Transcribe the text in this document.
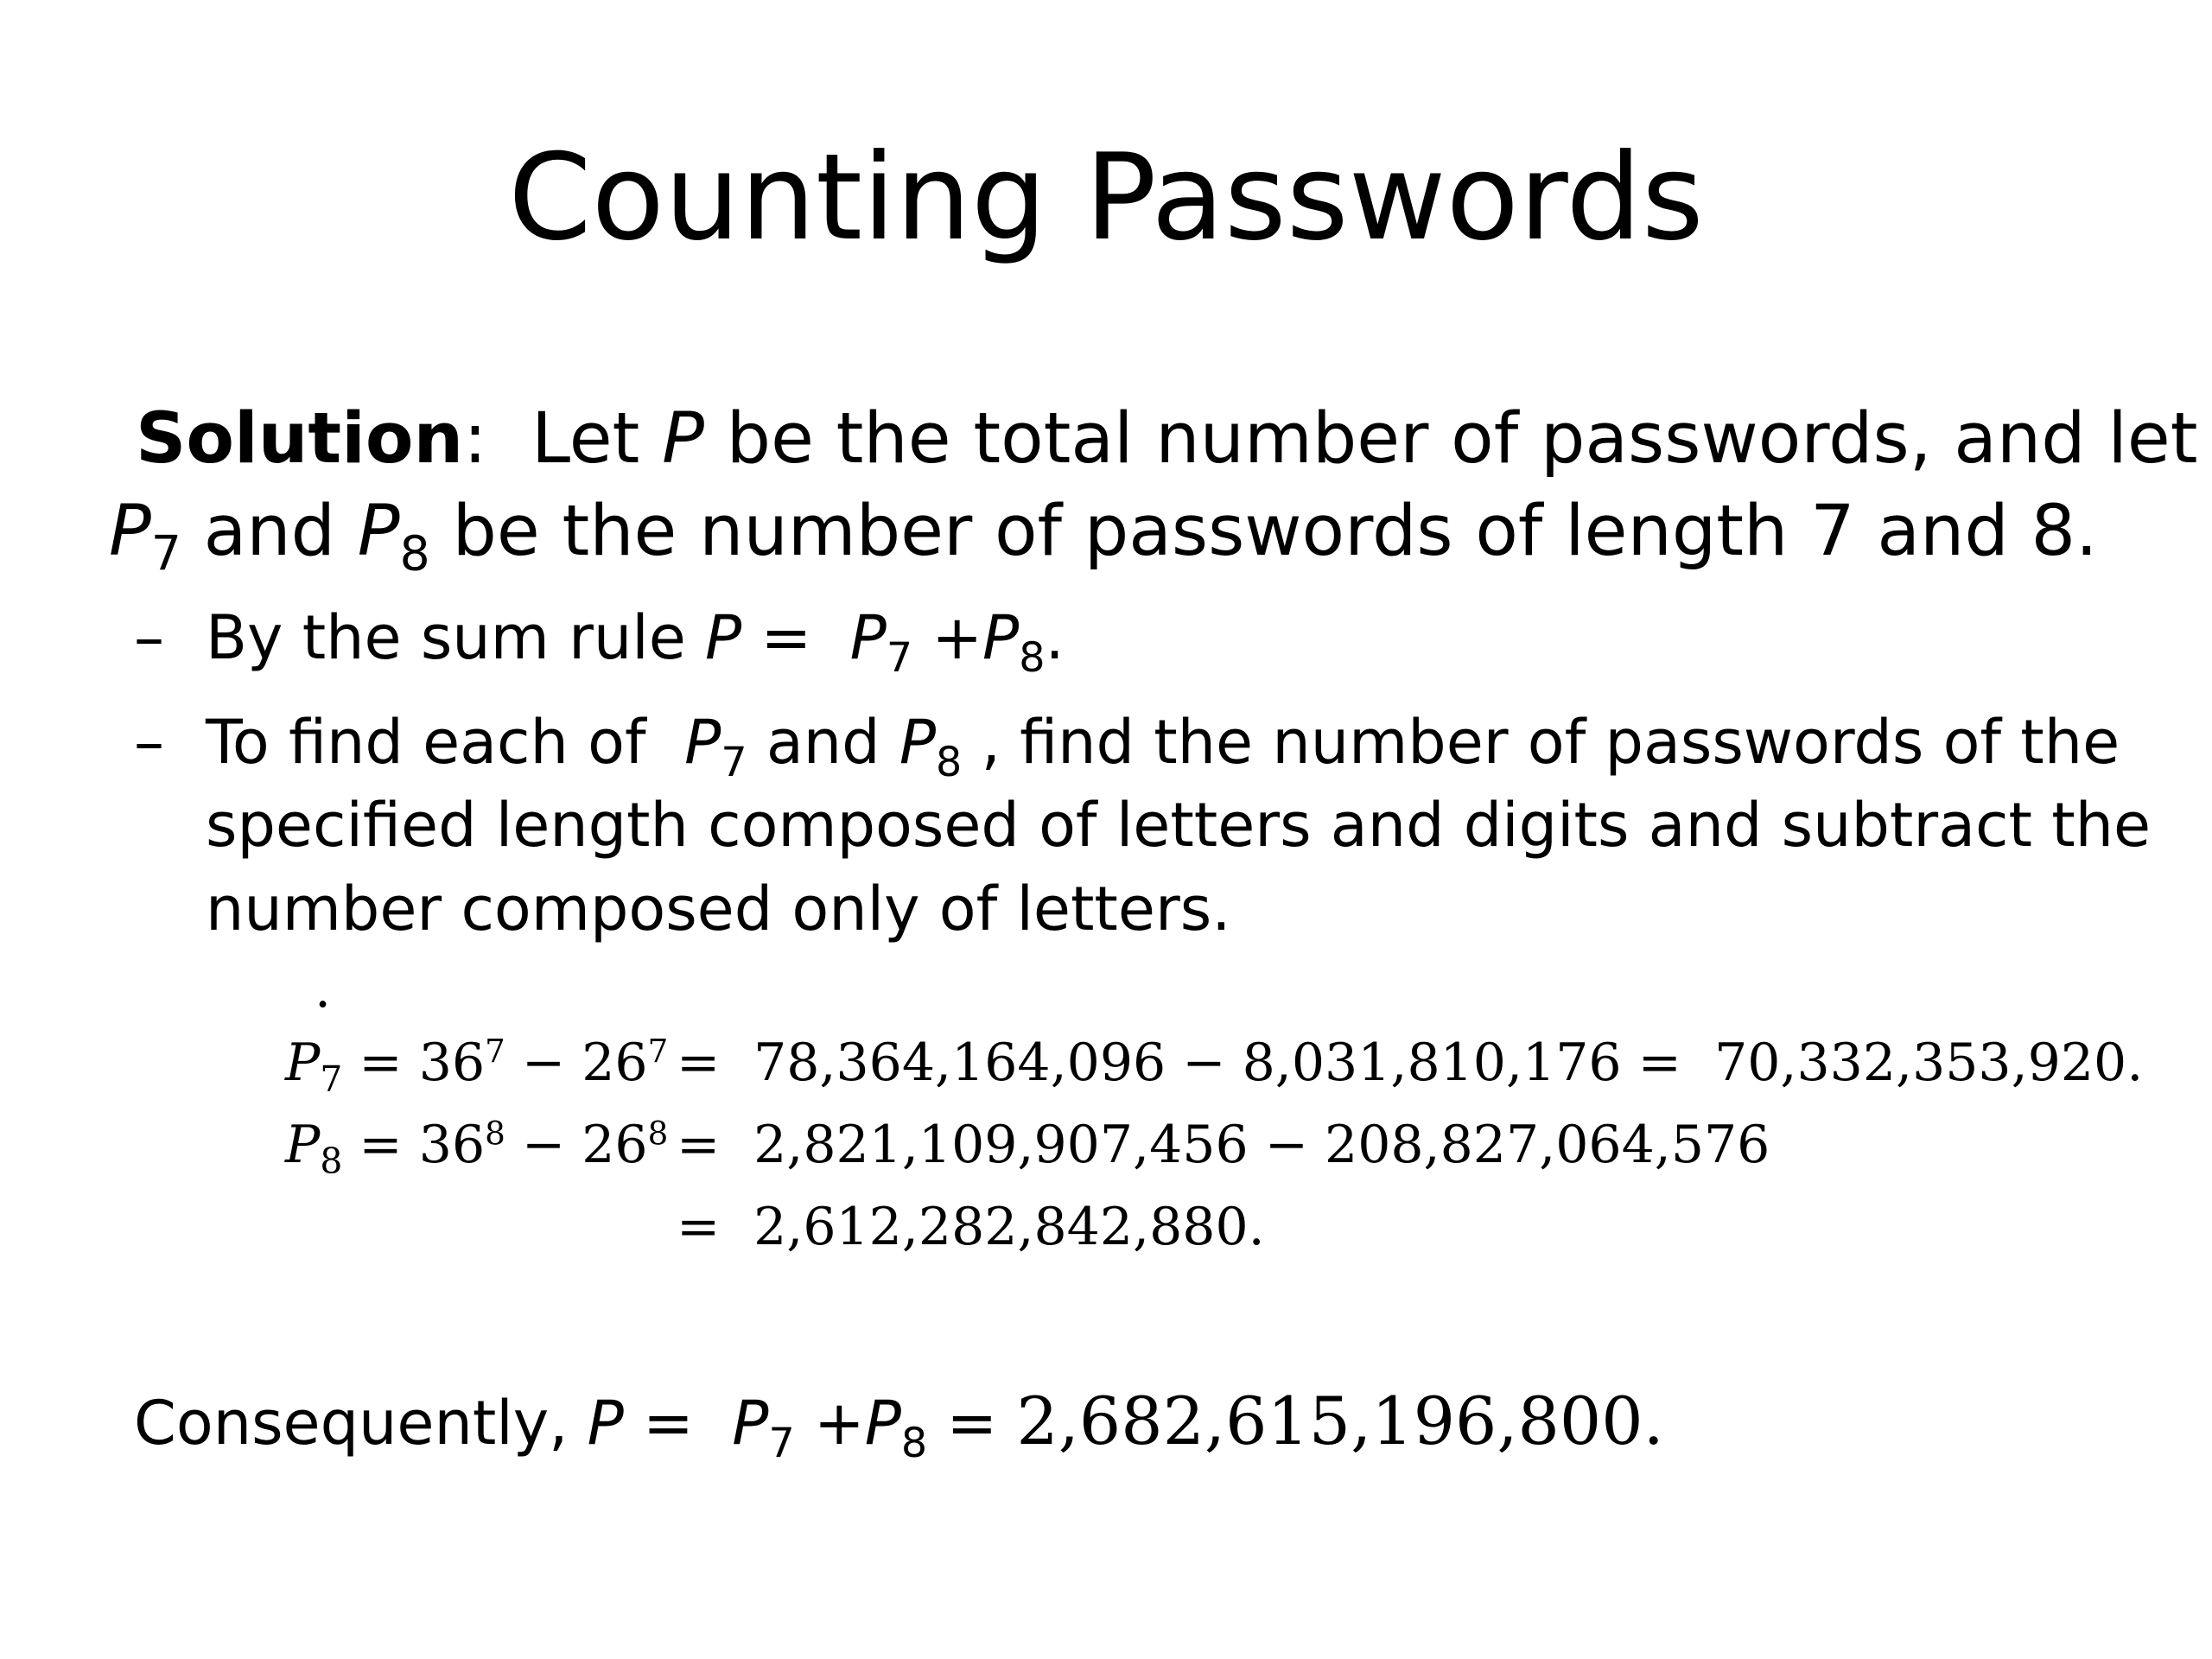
Counting Passwords
Solution:  Let P be the total number of passwords, and let
$P_7$ and $P_8$ be the number of passwords of length 7 and 8.
– By the sum rule $P = P_7 +P_8$.
– To find each of  $P_7$ and $P_8$ , find the number of passwords of the
specified length composed of letters and digits and subtract the
number composed only of letters.
.
$P_7 = 36^7 - 26^7 = 78,364,164,096 - 8,031,810,176 = 70,332,353,920$.
$P_8 = 36^8 - 26^8 = 2,821,109,907,456 - 208,827,064,576$
= 2,612,282,842,880.
Consequently, $P = P_7 +P_8 = 2,682,615,196,800$.
